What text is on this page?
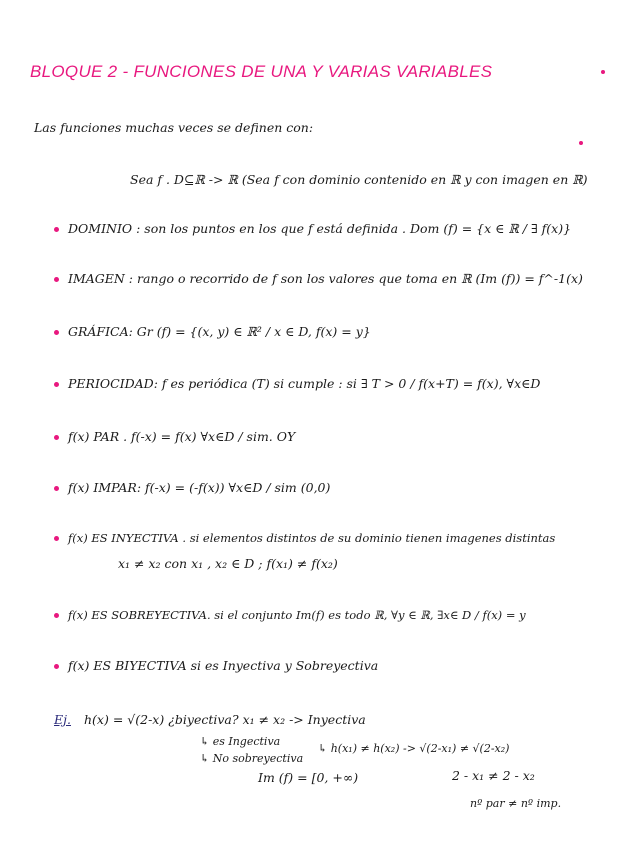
BLOQUE 2 - FUNCIONES DE UNA Y VARIAS VARIABLES
Las funciones muchas veces se definen con:
Sea f . D⊆ℝ -> ℝ (Sea f con dominio contenido en ℝ y con imagen en ℝ)
DOMINIO : son los puntos en los que f está definida . Dom (f) = {x ∈ ℝ / ∃ f(x)}
IMAGEN : rango o recorrido de f son los valores que toma en ℝ (Im (f)) = f^-1(x)
GRÁFICA: Gr (f) = {(x, y) ∈ ℝ² / x ∈ D, f(x) = y}
PERIOCIDAD: f es periódica (T) si cumple : si ∃ T > 0 / f(x+T) = f(x), ∀x∈D
f(x) PAR . f(-x) = f(x) ∀x∈D / sim. OY
f(x) IMPAR: f(-x) = (-f(x)) ∀x∈D / sim (0,0)
f(x) ES INYECTIVA . si elementos distintos de su dominio tienen imagenes distintas
x₁ ≠ x₂ con x₁ , x₂ ∈ D ; f(x₁) ≠ f(x₂)
f(x) ES SOBREYECTIVA. si el conjunto Im(f) es todo ℝ, ∀y ∈ ℝ, ∃x∈ D / f(x) = y
f(x) ES BIYECTIVA si es Inyectiva y Sobreyectiva
Ej. h(x) = √(2-x) ¿biyectiva? x₁ ≠ x₂ -> Inyectiva
↳ es Ingectiva
↳ No sobreyectiva
↳ h(x₁) ≠ h(x₂) -> √(2-x₁) ≠ √(2-x₂)
Im (f) = [0, +∞)	2 - x₁ ≠ 2 - x₂
nº par ≠ nº imp.
